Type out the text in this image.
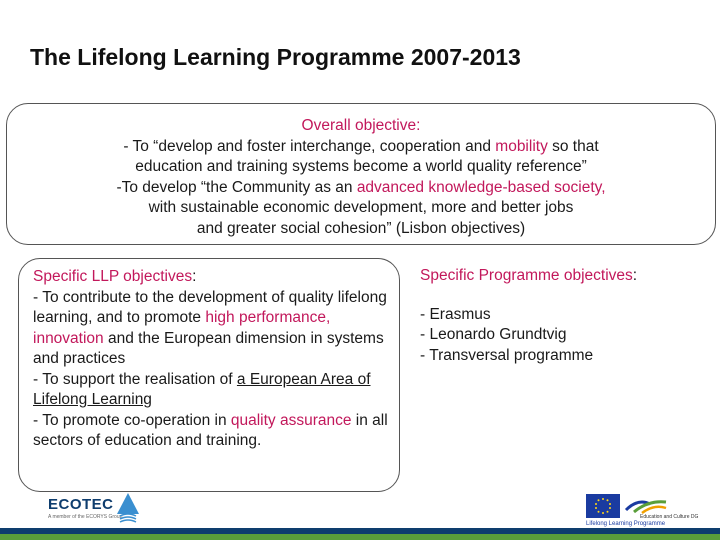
The Lifelong Learning Programme 2007-2013
Overall objective:
- To “develop and foster interchange, cooperation and mobility so that
education and training systems become a world quality reference”
-To develop “the Community as an advanced knowledge-based society,
with sustainable economic development, more and better jobs
and greater social cohesion” (Lisbon objectives)
Specific LLP objectives:
- To contribute to the development of quality lifelong learning, and to promote high performance, innovation and the European dimension in systems and practices
- To support the realisation of a European Area of Lifelong Learning
- To promote co-operation in quality assurance in all sectors of education and training.
Specific Programme objectives:
- Erasmus
- Leonardo Grundtvig
- Transversal programme
ECOTEC
A member of the ECORYS Group	Education and Culture DG
Lifelong Learning Programme
